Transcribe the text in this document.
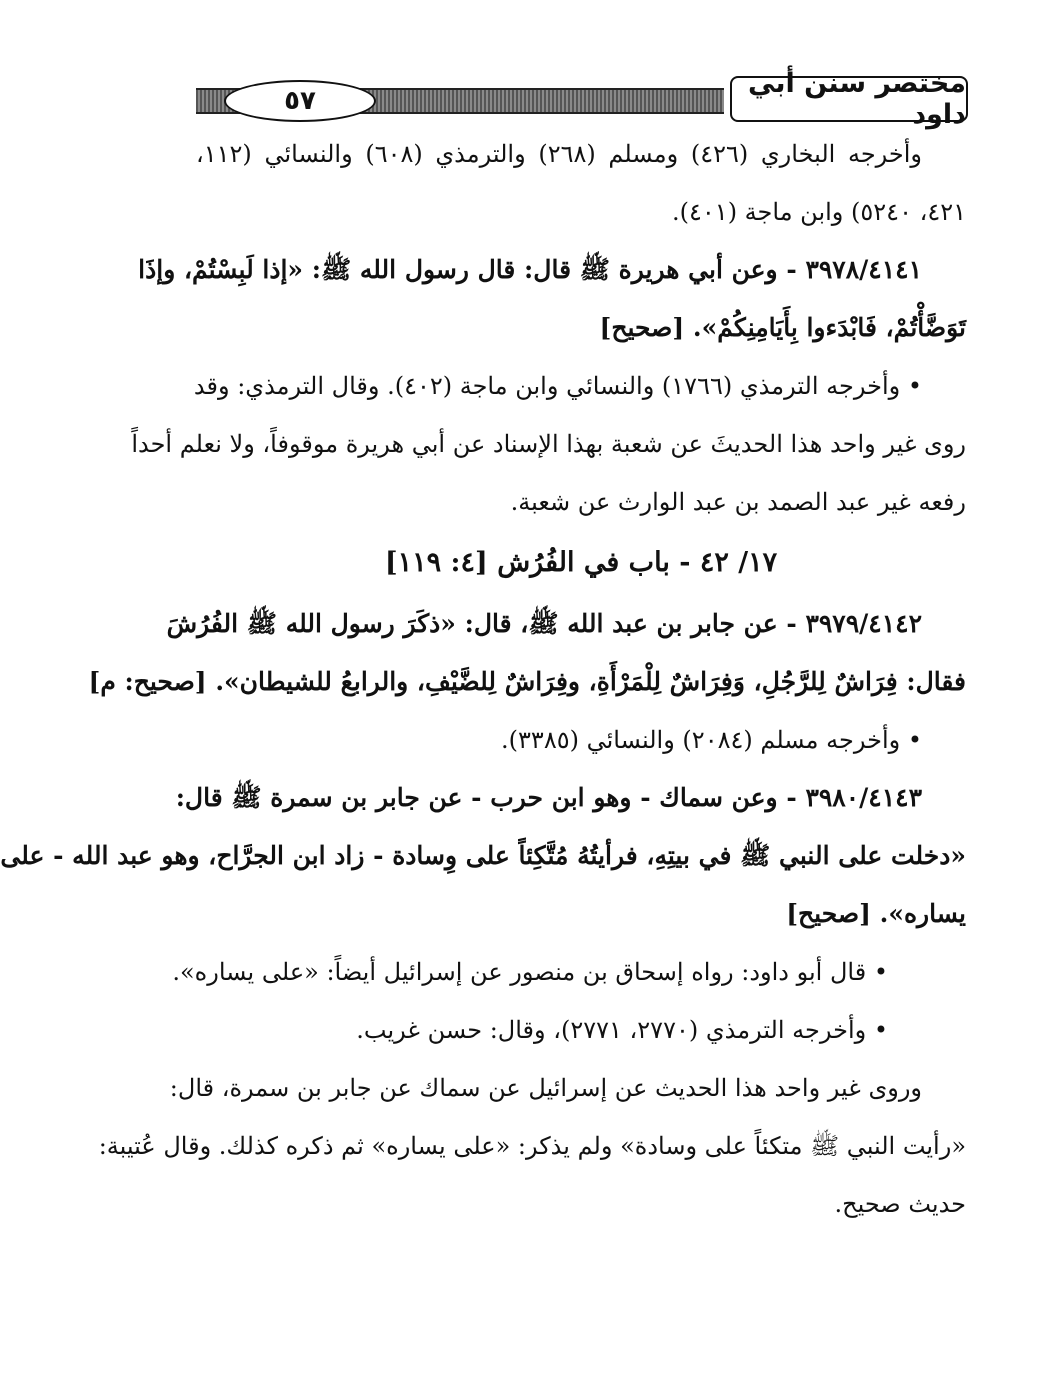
٥٧
مختصر سنن أبي داود
وأخرجه البخاري (٤٢٦) ومسلم (٢٦٨) والترمذي (٦٠٨) والنسائي (١١٢،
٤٢١، ٥٢٤٠) وابن ماجة (٤٠١).
٣٩٧٨/٤١٤١ - وعن أبي هريرة ﷺ قال: قال رسول الله ﷺ: «إذا لَبِسْتُمْ، وإذَا
تَوَضَّأْتُمْ، فَابْدَءوا بِأَيَامِنِكُمْ». [صحيح]
• وأخرجه الترمذي (١٧٦٦) والنسائي وابن ماجة (٤٠٢). وقال الترمذي: وقد
روى غير واحد هذا الحديثَ عن شعبة بهذا الإسناد عن أبي هريرة موقوفاً، ولا نعلم أحداً
رفعه غير عبد الصمد بن عبد الوارث عن شعبة.
١٧/ ٤٢ - باب في الفُرُش [٤: ١١٩]
٣٩٧٩/٤١٤٢ - عن جابر بن عبد الله ﷺ، قال: «ذكَرَ رسول الله ﷺ الفُرُشَ
فقال: فِرَاشٌ لِلرَّجُلِ، وَفِرَاشٌ لِلْمَرْأَةِ، وفِرَاشٌ لِلضَّيْفِ، والرابعُ للشيطان». [صحيح: م]
• وأخرجه مسلم (٢٠٨٤) والنسائي (٣٣٨٥).
٣٩٨٠/٤١٤٣ - وعن سماك - وهو ابن حرب - عن جابر بن سمرة ﷺ قال:
«دخلت على النبي ﷺ في بيتِهِ، فرأيتُهُ مُتَّكِئاً على وِسادة - زاد ابن الجرَّاح، وهو عبد الله - على
يساره». [صحيح]
• قال أبو داود: رواه إسحاق بن منصور عن إسرائيل أيضاً: «على يساره».
• وأخرجه الترمذي (٢٧٧٠، ٢٧٧١)، وقال: حسن غريب.
وروى غير واحد هذا الحديث عن إسرائيل عن سماك عن جابر بن سمرة، قال:
«رأيت النبي ﷺ متكئاً على وسادة» ولم يذكر: «على يساره» ثم ذكره كذلك. وقال عُتيبة:
حديث صحيح.
